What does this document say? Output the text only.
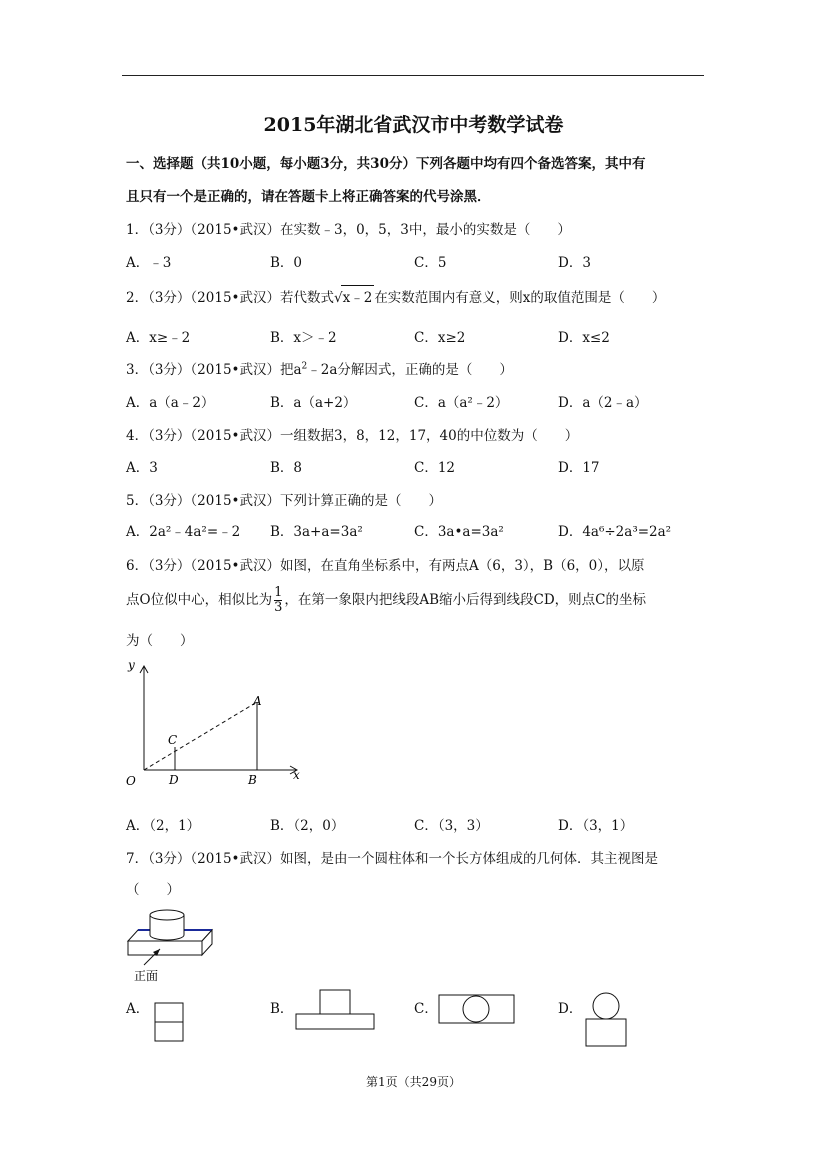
2015年湖北省武汉市中考数学试卷
一、选择题（共10小题，每小题3分，共30分）下列各题中均有四个备选答案，其中有
且只有一个是正确的，请在答题卡上将正确答案的代号涂黑．
1．（3分）（2015•武汉）在实数﹣3，0，5，3中，最小的实数是（　　）
A．﹣3	B．0	C．5	D．3
2．（3分）（2015•武汉）若代数式√x﹣2 在实数范围内有意义，则x的取值范围是（　　）
A．x≥﹣2	B．x＞﹣2	C．x≥2	D．x≤2
3．（3分）（2015•武汉）把$a^2﹣2a$分解因式，正确的是（　　）
A．a（a﹣2）	B．a（a+2）	C．a（a²﹣2）	D．a（2﹣a）
4．（3分）（2015•武汉）一组数据3，8，12，17，40的中位数为（　　）
A．3	B．8	C．12	D．17
5．（3分）（2015•武汉）下列计算正确的是（　　）
A．2a²﹣4a²=﹣2 B．3a+a=3a²	C．3a•a=3a²	D．4a⁶÷2a³=2a²
6．（3分）（2015•武汉）如图，在直角坐标系中，有两点A（6，3），B（6，0），以原
点O位似中心，相似比为 $\frac{1}{3}$ ，在第一象限内把线段AB缩小后得到线段CD，则点C的坐标
为（　　）
y
x
O
A
B
C
D
A．（2，1）	B．（2，0）	C．（3，3）	D．（3，1）
7．（3分）（2015•武汉）如图，是由一个圆柱体和一个长方体组成的几何体．其主视图是
（　　）
正面
A．	B．	C．	D．
第1页（共29页）
